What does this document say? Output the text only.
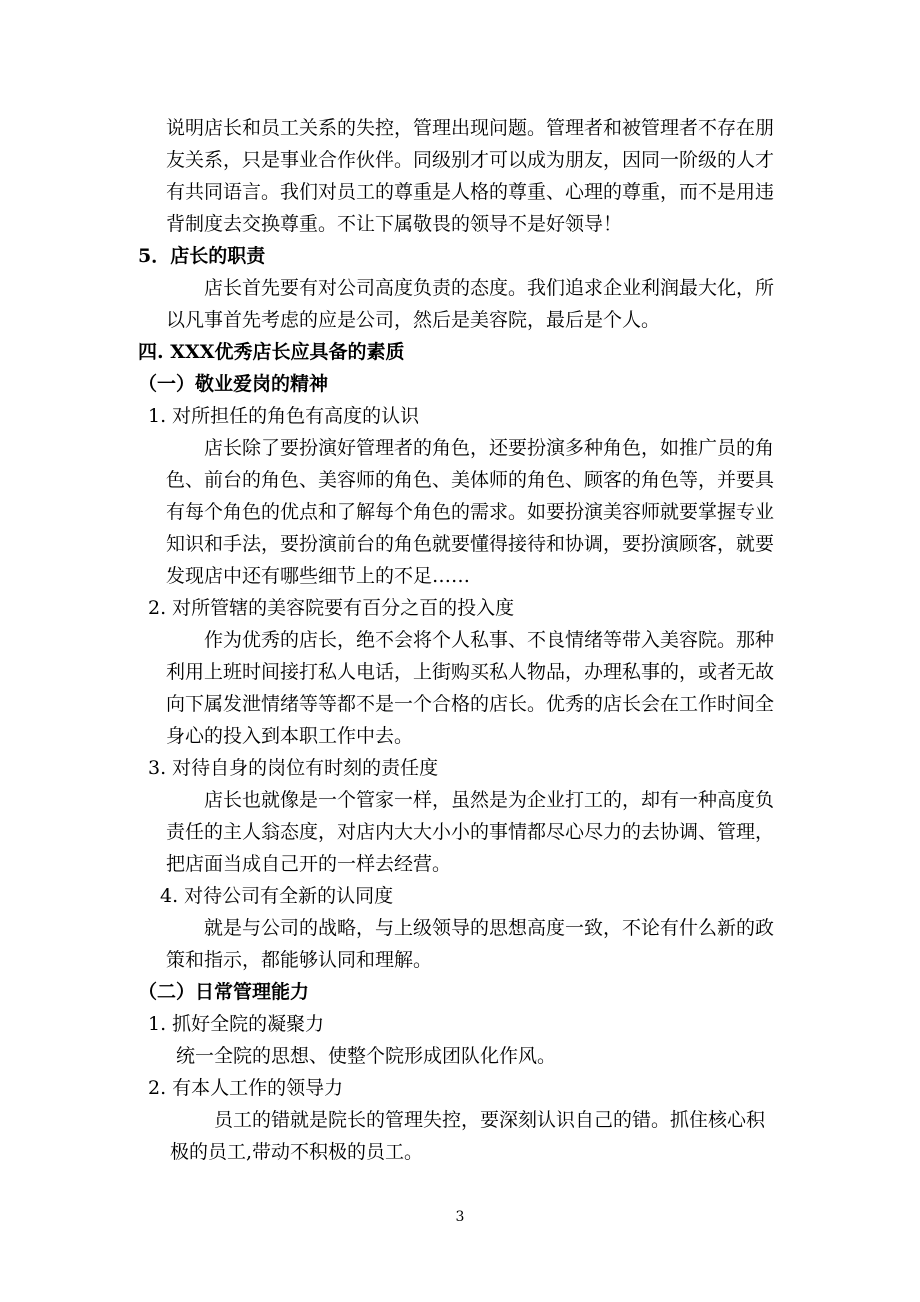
说明店长和员工关系的失控，管理出现问题。管理者和被管理者不存在朋友关系，只是事业合作伙伴。同级别才可以成为朋友，因同一阶级的人才有共同语言。我们对员工的尊重是人格的尊重、心理的尊重，而不是用违背制度去交换尊重。不让下属敬畏的领导不是好领导！

5．店长的职责

店长首先要有对公司高度负责的态度。我们追求企业利润最大化，所以凡事首先考虑的应是公司，然后是美容院，最后是个人。

四. XXX优秀店长应具备的素质
（一）敬业爱岗的精神
1. 对所担任的角色有高度的认识

店长除了要扮演好管理者的角色，还要扮演多种角色，如推广员的角色、前台的角色、美容师的角色、美体师的角色、顾客的角色等，并要具有每个角色的优点和了解每个角色的需求。如要扮演美容师就要掌握专业知识和手法，要扮演前台的角色就要懂得接待和协调，要扮演顾客，就要发现店中还有哪些细节上的不足……

2. 对所管辖的美容院要有百分之百的投入度

作为优秀的店长，绝不会将个人私事、不良情绪等带入美容院。那种利用上班时间接打私人电话，上街购买私人物品，办理私事的，或者无故向下属发泄情绪等等都不是一个合格的店长。优秀的店长会在工作时间全身心的投入到本职工作中去。

3. 对待自身的岗位有时刻的责任度

店长也就像是一个管家一样，虽然是为企业打工的，却有一种高度负责任的主人翁态度，对店内大大小小的事情都尽心尽力的去协调、管理，把店面当成自己开的一样去经营。

4. 对待公司有全新的认同度

就是与公司的战略，与上级领导的思想高度一致，不论有什么新的政策和指示，都能够认同和理解。

（二）日常管理能力
1. 抓好全院的凝聚力

统一全院的思想、使整个院形成团队化作风。

2. 有本人工作的领导力

员工的错就是院长的管理失控，要深刻认识自己的错。抓住核心积极的员工,带动不积极的员工。

3
